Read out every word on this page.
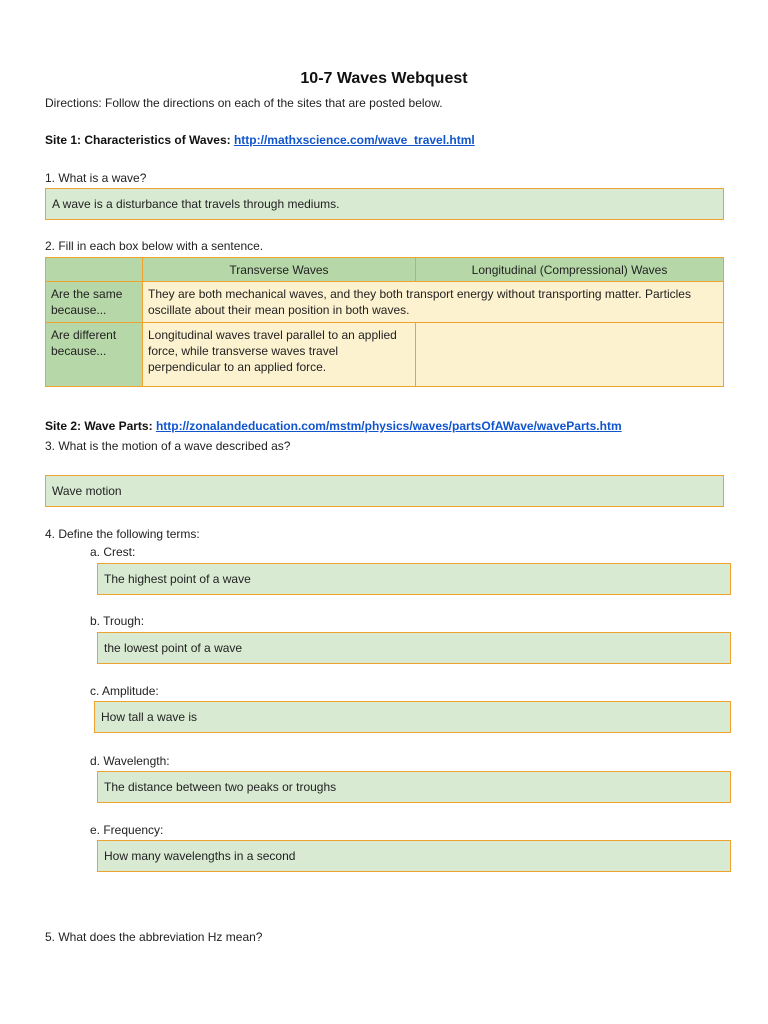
10-7 Waves Webquest
Directions: Follow the directions on each of the sites that are posted below.
Site 1: Characteristics of Waves: http://mathxscience.com/wave_travel.html
1. What is a wave?
A wave is a disturbance that travels through mediums.
2. Fill in each box below with a sentence.
	Transverse Waves	Longitudinal (Compressional) Waves
Are the same because...	They are both mechanical waves, and they both transport energy without transporting matter. Particles oscillate about their mean position in both waves.	
Are different because...	Longitudinal waves travel parallel to an applied force, while transverse waves travel perpendicular to an applied force.	
Site 2: Wave Parts: http://zonalandeducation.com/mstm/physics/waves/partsOfAWave/waveParts.htm
3. What is the motion of a wave described as?
Wave motion
4. Define the following terms:
a. Crest:
The highest point of a wave
b. Trough:
the lowest point of a wave
c. Amplitude:
How tall a wave is
d. Wavelength:
The distance between two peaks or troughs
e. Frequency:
How many wavelengths in a second
5. What does the abbreviation Hz mean?
